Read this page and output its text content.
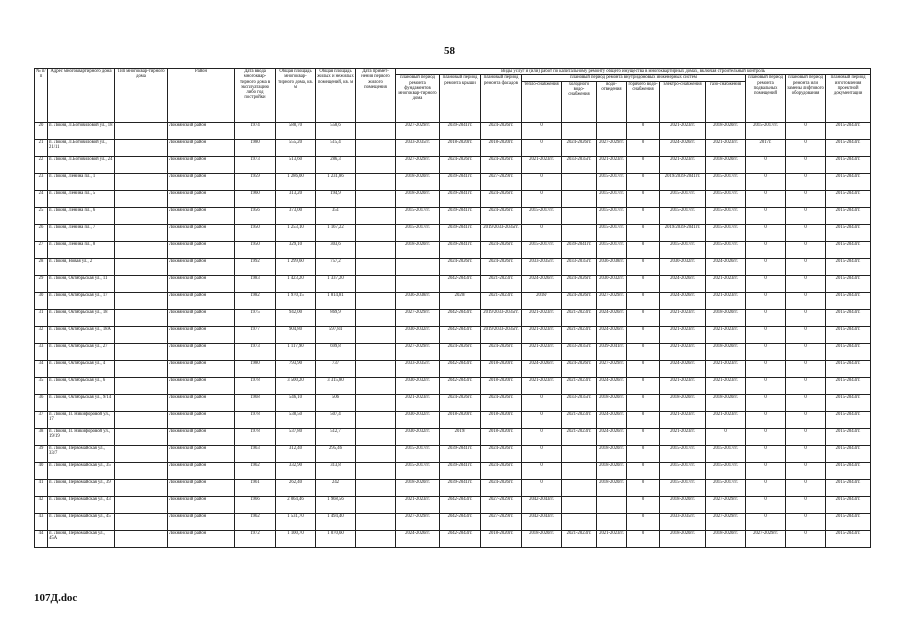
58
№ п/п	Адрес многоквартирного дома	Тип многоквар-тирного дома	Район	Дата ввода многоквар-тирного дома в эксплуатацию либо год постройки	Общая площадь многоквар-тирного дома, кв. м	Общая площадь жилых и нежилых помещений, кв. м	Дата примет-нения первого жилого помещения	Виды услуг и (или) работ по капитальному ремонту общего имущества в многоквартирных домах, включая строительный контроль											
								плановый период ремонта фундаментов многоквар-тирного дома	плановый период ремонта крыши	плановый период ремонта фасадов	плановый период ремонта внутридомовых инженерных систем						плановый период ремонта подвальных помещений	плановый период ремонта или замены лифтового оборудования	плановый период изготовления проектной документации
											тепло-снабжения	холодного водо-снабжения	водо-отведения	горячего водо-снабжения	электро-снабжения	газо-снабжения			
20	п. Локня, Л.Ботовиловой ул., 18		Локнянский район	1974	588,70	558,6		2027-2029гг.	2039-2041гг.	2024-2026гг.	0			0	2021-2023гг.	2018-2020гг.	2015-2017гг.	0	2015-2043гг.
21	п. Локня, Л.Ботовиловой ул., 21/11		Локнянский район	1980	555,20	515,4		2033-2035гг.	2018-2020гг.	2018-2020гг.	0	2024-2026гг.	2027-2029гг.	0	2024-2026гг.	2021-2023гг.	2017г.	0	2015-2043гг.
22	п. Локня, Л.Ботовиловой ул., 24		Локнянский район	1973	513,60	286,3		2027-2029гг.	2024-2026гг.	2024-2026гг.	2021-2023гг.	2033-2035гг.	2021-2023гг.	0	2021-2023гг.	2018-2020гг.	0	0	2015-2043гг.
23	п. Локня, Ленина пл., 1		Локнянский район	1959	1 286,00	1 231,86		2018-2020гг.	2039-2041гг.	2027-2029гг.	0		2015-2017гг.	0	2019/2039-2041гг.	2015-2017гг.	0	0	2015-2043гг.
24	п. Локня, Ленина пл., 5		Локнянский район	1960	313,20	194,9		2018-2020гг.	2039-2041гг.	2024-2026гг.	0		2015-2017гг.	0	2015-2017гг.	2015-2017гг.	0	0	2015-2043гг.
25	п. Локня, Ленина пл., 6		Локнянский район	1956	373,00	351		2015-2017гг.	2039-2041гг.	2024-2026гг.	2015-2017гг.		2015-2017гг.	0	2015-2017гг.	2015-2017гг.	0	0	2015-2043гг.
26	п. Локня, Ленина пл., 7		Локнянский район	1950	1 253,10	1 167,22		2015-2017гг.	2039-2041гг.	2019/2033-2035гг.	0		2015-2017гг.	0	2019/2039-2041гг.	2015-2017гг.	0	0	2015-2043гг.
27	п. Локня, Ленина пл., 8		Локнянский район	1950	329,10	303,6		2018-2020гг.	2039-2041гг.	2024-2026гг.	2015-2017гг.	2039-2041гг.	2015-2017гг.	0	2015-2017гг.	2015-2017гг.	0	0	2015-2043гг.
28	п. Локня, Новая ул., 2		Локнянский район	1992	1 299,60	757,2			2024-2026гг.	2024-2026гг.	2033-2035гг.	2033-2035гг.	2036-2038гг.	0	2030-2032гг.	2024-2026гг.	0	0	2015-2043гг.
29	п. Локня, Октябрьская ул., 11		Локнянский район	1983	1 423,20	1 337,20			2042-2043гг.	2021-2023гг.	2024-2026гг.	2024-2026гг.	2030-2032гг.	0	2024-2026гг.	2021-2023гг.	0	0	2015-2043гг.
30	п. Локня, Октябрьская ул., 17		Локнянский район	1982	1 970,15	1 814,81		2036-2038гг.	2020/	2021-2023гг.	2018/	2024-2026гг.	2027-2029гг.	0	2024-2026гг.	2021-2023гг.	0	0	2015-2043гг.
31	п. Локня, Октябрьская ул., 18		Локнянский район	1975	942,00	869,9		2027-2029гг.	2042-2043гг.	2019/2033-2035гг.	2021-2023гг.	2021-2023гг.	2024-2026гг.	0	2021-2023гг.	2018-2020гг.	0	0	2015-2043гг.
32	п. Локня, Октябрьская ул., 18А		Локнянский район	1977	904,80	597,84		2030-2032гг.	2042-2043гг.	2019/2033-2035гг.	2021-2023гг.	2021-2023гг.	2024-2026гг.	0	2021-2023гг.	2021-2023гг.	0	0	2015-2043гг.
33	п. Локня, Октябрьская ул., 27		Локнянский район	1973	1 117,90	699,8		2027-2029гг.	2024-2026гг.	2024-2026гг.	2021-2023гг.	2033-2035гг.	2039-2041гг.	0	2021-2023гг.	2018-2020гг.	0	0	2015-2043гг.
34	п. Локня, Октябрьская ул., 4		Локнянский район	1980	793,90	737		2033-2035гг.	2042-2043гг.	2018-2020гг.	2024-2026гг.	2024-2026гг.	2027-2029гг.	0	2024-2026гг.	2021-2023гг.	0	0	2015-2043гг.
35	п. Локня, Октябрьская ул., 6		Локнянский район	1978	3 500,20	3 315,80		2030-2032гг.	2042-2043гг.	2018-2020гг.	2021-2023гг.	2021-2023гг.	2024-2026гг.	0	2021-2023гг.	2021-2023гг.	0	0	2015-2043гг.
36	п. Локня, Октябрьская ул., 9/14		Локнянский район	1968	546,10	506		2021-2023гг.	2024-2026гг.	2024-2026гг.	0	2033-2035гг.	2018-2020гг.	0	2018-2020гг.	2018-2020гг.	0	0	2015-2043гг.
37	п. Локня, П. Никифоровой ул., 17		Локнянский район	1978	538,50	507,4		2030-2032гг.	2018-2020гг.	2018-2020гг.	0	2021-2023гг.	2024-2026гг.	0	2021-2023гг.	2021-2023гг.	0	0	2015-2043гг.
38	п. Локня, П. Никифоровой ул., 19/19		Локнянский район	1978	537,80	512,7		2030-2032гг.	2019/	2018-2020гг.	0	2021-2023гг.	2024-2026гг.	0	2021-2023гг.	0	0	0	2015-2043гг.
39	п. Локня, Первомайская ул., 33/7		Локнянский район	1963	312,40	295,46		2015-2017гг.	2039-2041гг.	2024-2026гг.	0		2018-2020гг.	0	2015-2017гг.	2015-2017гг.	0	0	2015-2043гг.
40	п. Локня, Первомайская ул., 35		Локнянский район	1962	332,90	313,8		2015-2017гг.	2039-2041гг.	2024-2026гг.	0		2018-2020гг.	0	2015-2017гг.	2015-2017гг.	0	0	2015-2043гг.
41	п. Локня, Первомайская ул., 39		Локнянский район	1961	262,40	242		2018-2020гг.	2039-2041гг.	2024-2026гг.	0		2018-2020гг.	0	2015-2017гг.	2015-2017гг.	0	0	2015-2043гг.
42	п. Локня, Первомайская ул., 43		Локнянский район	1966	2 064,46	1 968,56		2021-2023гг.	2042-2043гг.	2027-2029гг.	2042-2043гг.			0	2018-2020гг.	2027-2029гг.	0	0	2015-2043гг.
43	п. Локня, Первомайская ул., 45		Локнянский район	1962	1 531,70	1 494,40		2027-2029гг.	2042-2043гг.	2027-2029гг.	2042-2043гг.			0	2033-2035гг.	2027-2029гг.	0	0	2015-2043гг.
44	п. Локня, Первомайская ул., 45А		Локнянский район	1972	1 100,70	1 070,60		2024-2026гг.	2042-2043гг.	2018-2020гг.	2018-2020гг.	2021-2023гг.	2021-2023гг.	0	2018-2020гг.	2018-2020гг.	2027-2029гг.	0	2015-2043гг.
107Д.doc
